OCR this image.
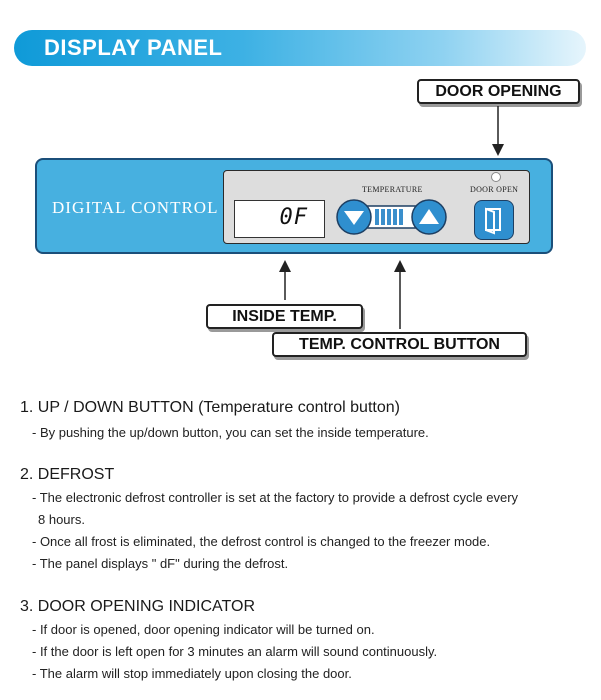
DISPLAY PANEL
DOOR OPENING
INSIDE TEMP.
TEMP. CONTROL BUTTON
DIGITAL CONTROL
TEMPERATURE	DOOR OPEN
0F

1. UP / DOWN BUTTON (Temperature control button)

- By pushing the up/down button, you can set the inside temperature.

2. DEFROST

- The electronic defrost controller is set at the factory to provide a defrost cycle every
8 hours.
- Once all frost is eliminated, the defrost control is changed to the freezer mode.
- The panel displays " dF" during the defrost.

3. DOOR OPENING INDICATOR

- If door is opened, door opening indicator will be turned on.
- If the door is left open for 3 minutes an alarm will sound continuously.
- The alarm will stop immediately upon closing the door.
